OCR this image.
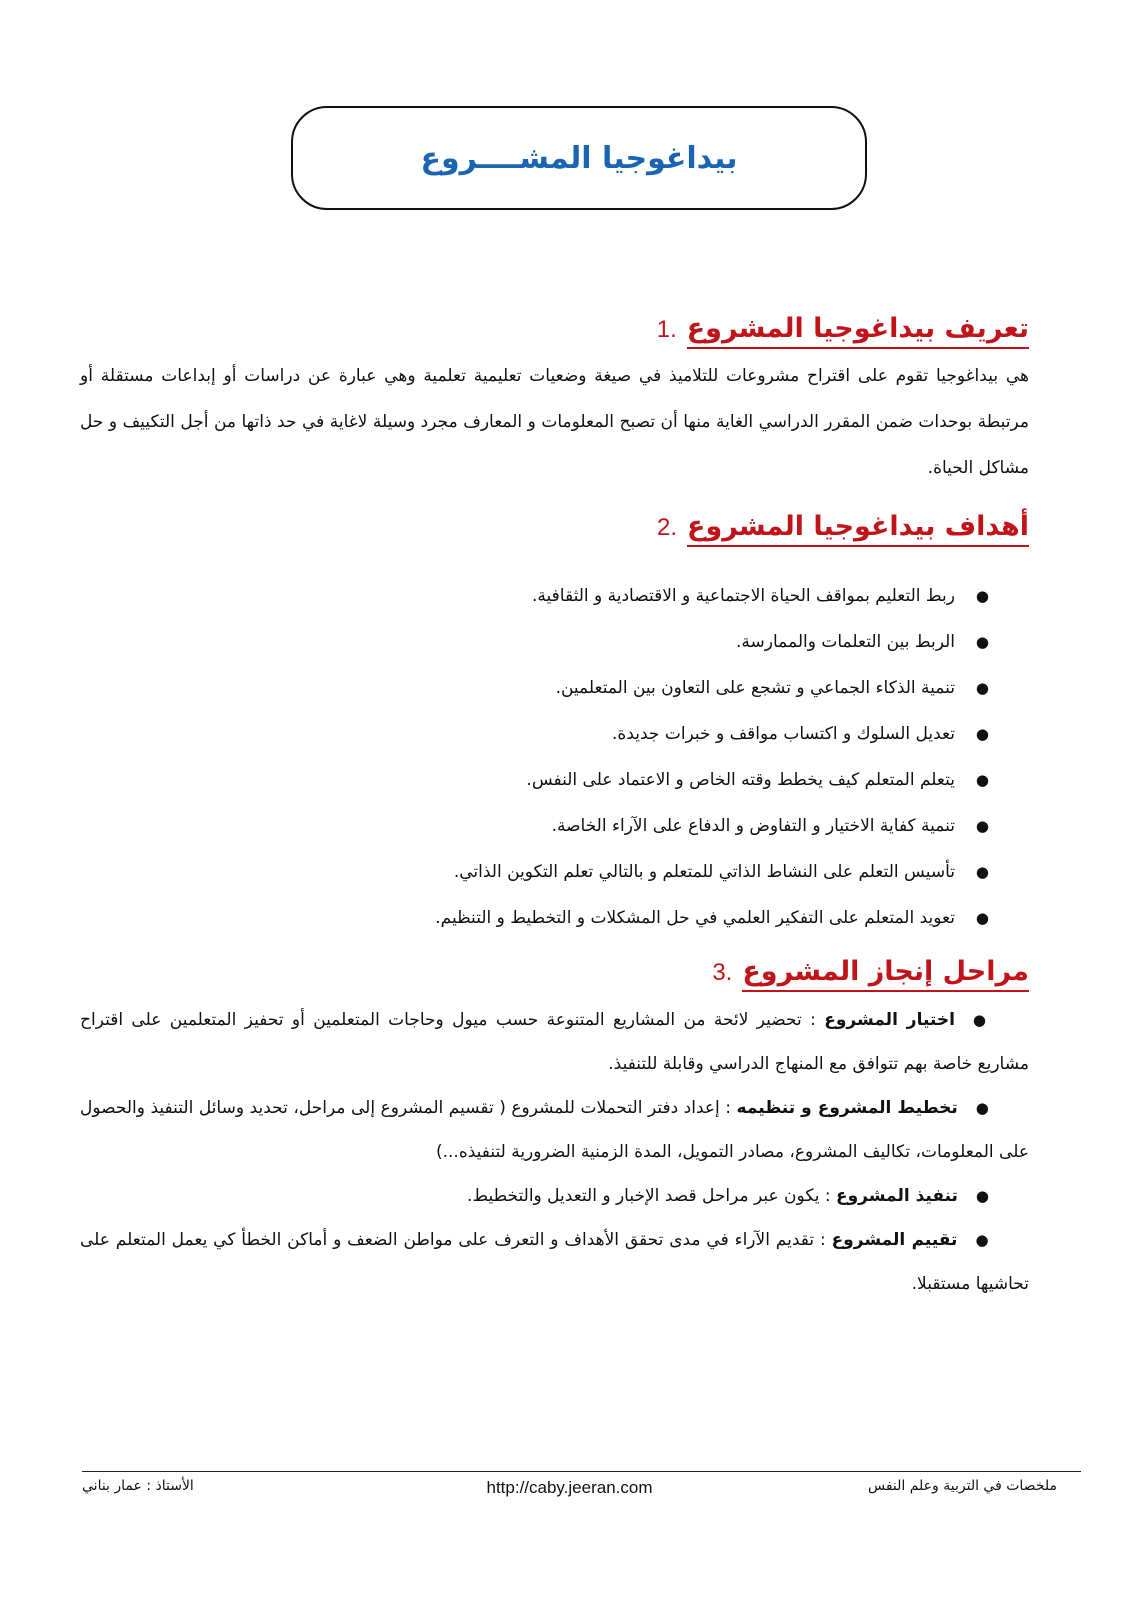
بيداغوجيا المشــــروع
تعريف بيداغوجيا المشروع
.1

هي بيداغوجيا تقوم على اقتراح مشروعات للتلاميذ في صيغة وضعيات تعليمية تعلمية وهي عبارة عن دراسات أو إبداعات مستقلة أو مرتبطة بوحدات ضمن المقرر الدراسي الغاية منها أن تصبح المعلومات و المعارف مجرد وسيلة لاغاية في حد ذاتها من أجل التكييف و حل مشاكل الحياة.

أهداف بيداغوجيا المشروع
.2
●
ربط التعليم بمواقف الحياة الاجتماعية و الاقتصادية و الثقافية.
●
الربط بين التعلمات والممارسة.
●
تنمية الذكاء الجماعي و تشجع على التعاون بين المتعلمين.
●
تعديل السلوك و اكتساب مواقف و خبرات جديدة.
●
يتعلم المتعلم كيف يخطط وقته الخاص و الاعتماد على النفس.
●
تنمية كفاية الاختيار و التفاوض و الدفاع على الآراء الخاصة.
●
تأسيس التعلم على النشاط الذاتي للمتعلم و بالتالي تعلم التكوين الذاتي.
●
تعويد المتعلم على التفكير العلمي في حل المشكلات و التخطيط و التنظيم.
مراحل إنجاز المشروع
.3
●اختيار المشروع : تحضير لائحة من المشاريع المتنوعة حسب ميول وحاجات المتعلمين أو تحفيز المتعلمين على اقتراح مشاريع خاصة بهم تتوافق مع المنهاج الدراسي وقابلة للتنفيذ.
●تخطيط المشروع و تنظيمه : إعداد دفتر التحملات للمشروع ( تقسيم المشروع إلى مراحل، تحديد وسائل التنفيذ والحصول على المعلومات، تكاليف المشروع، مصادر التمويل، المدة الزمنية الضرورية لتنفيذه...)
●تنفيذ المشروع : يكون عبر مراحل قصد الإخبار و التعديل والتخطيط.
●تقييم المشروع : تقديم الآراء في مدى تحقق الأهداف و التعرف على مواطن الضعف و أماكن الخطأ كي يعمل المتعلم على تحاشيها مستقبلا.
ملخصات في التربية وعلم النفس
http://caby.jeeran.com
الأستاذ : عمار بناني
